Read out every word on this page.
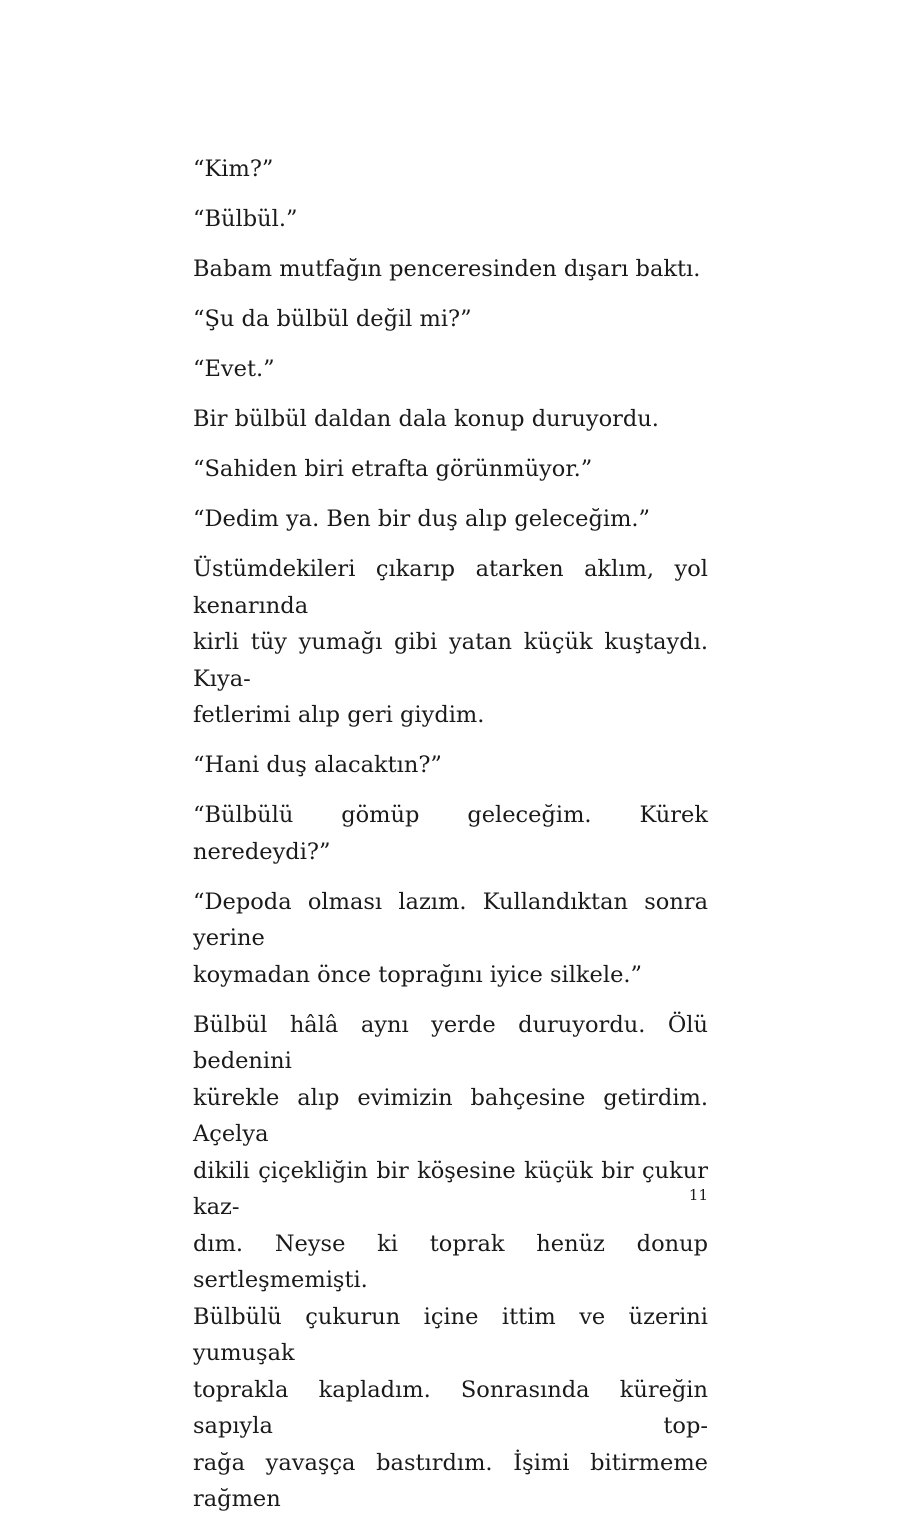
“Kim?”

“Bülbül.”

Babam mutfağın penceresinden dışarı baktı.

“Şu da bülbül değil mi?”

“Evet.”

Bir bülbül daldan dala konup duruyordu.

“Sahiden biri etrafta görünmüyor.”

“Dedim ya. Ben bir duş alıp geleceğim.”

Üstümdekileri çıkarıp atarken aklım, yol kenarında
kirli tüy yumağı gibi yatan küçük kuştaydı. Kıya-
fetlerimi alıp geri giydim.

“Hani duş alacaktın?”

“Bülbülü gömüp geleceğim. Kürek neredeydi?”

“Depoda olması lazım. Kullandıktan sonra yerine
koymadan önce toprağını iyice silkele.”

Bülbül hâlâ aynı yerde duruyordu. Ölü bedenini
kürekle alıp evimizin bahçesine getirdim. Açelya
dikili çiçekliğin bir köşesine küçük bir çukur kaz-
dım. Neyse ki toprak henüz donup sertleşmemişti.
Bülbülü çukurun içine ittim ve üzerini yumuşak
toprakla kapladım. Sonrasında küreğin sapıyla top-
rağa yavaşça bastırdım. İşimi bitirmeme rağmen

11
